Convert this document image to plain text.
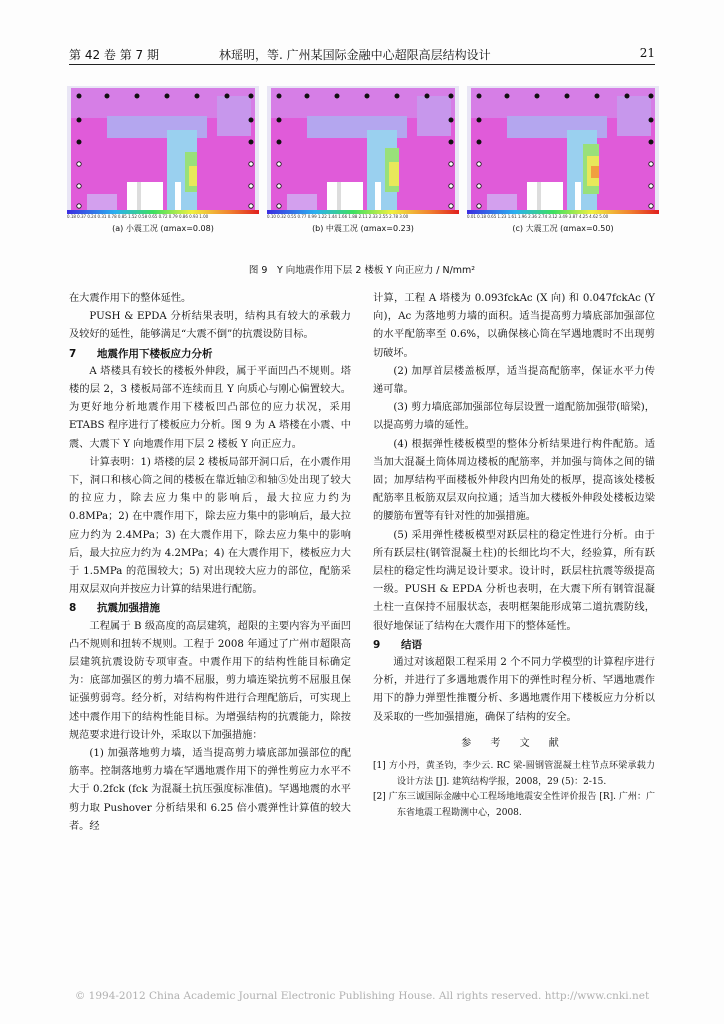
第 42 卷 第 7 期	林瑶明，等. 广州某国际金融中心超限高层结构设计	21
0.18 0.37 0.24 0.31 0.78 0.85 1.52 0.58 0.65 0.72 0.79 0.86 0.93 1.00
(a) 小震工况 (αmax=0.08)
0.10 0.32 0.55 0.77 0.99 1.22 1.44 1.66 1.88 2.11 2.33 2.55 2.78 3.00
(b) 中震工况 (αmax=0.23)
0.01 0.18 0.65 1.23 1.61 1.96 2.36 2.74 3.12 3.49 3.87 4.25 4.62 5.00
(c) 大震工况 (αmax=0.50)
图 9　Y 向地震作用下层 2 楼板 Y 向正应力 / N/mm²

在大震作用下的整体延性。

PUSH & EPDA 分析结果表明，结构具有较大的承载力及较好的延性，能够满足“大震不倒”的抗震设防目标。

7 地震作用下楼板应力分析

A 塔楼具有较长的楼板外伸段，属于平面凹凸不规则。塔楼的层 2，3 楼板局部不连续而且 Y 向质心与刚心偏置较大。为更好地分析地震作用下楼板凹凸部位的应力状况，采用 ETABS 程序进行了楼板应力分析。图 9 为 A 塔楼在小震、中震、大震下 Y 向地震作用下层 2 楼板 Y 向正应力。

计算表明：1) 塔楼的层 2 楼板局部开洞口后，在小震作用下，洞口和核心筒之间的楼板在靠近轴②和轴⑤处出现了较大的拉应力，除去应力集中的影响后，最大拉应力约为 0.8MPa；2) 在中震作用下，除去应力集中的影响后，最大拉应力约为 2.4MPa；3) 在大震作用下，除去应力集中的影响后，最大拉应力约为 4.2MPa；4) 在大震作用下，楼板应力大于 1.5MPa 的范围较大；5) 对出现较大应力的部位，配筋采用双层双向并按应力计算的结果进行配筋。

8 抗震加强措施

工程属于 B 级高度的高层建筑，超限的主要内容为平面凹凸不规则和扭转不规则。工程于 2008 年通过了广州市超限高层建筑抗震设防专项审查。中震作用下的结构性能目标确定为：底部加强区的剪力墙不屈服，剪力墙连梁抗剪不屈服且保证强剪弱弯。经分析，对结构构件进行合理配筋后，可实现上述中震作用下的结构性能目标。为增强结构的抗震能力，除按规范要求进行设计外，采取以下加强措施：

(1) 加强落地剪力墙，适当提高剪力墙底部加强部位的配筋率。控制落地剪力墙在罕遇地震作用下的弹性剪应力水平不大于 0.2fck (fck 为混凝土抗压强度标准值)。罕遇地震的水平剪力取 Pushover 分析结果和 6.25 倍小震弹性计算值的较大者。经

计算，工程 A 塔楼为 0.093fckAc (X 向) 和 0.047fckAc (Y 向)，Ac 为落地剪力墙的面积。适当提高剪力墙底部加强部位的水平配筋率至 0.6%，以确保核心筒在罕遇地震时不出现剪切破坏。

(2) 加厚首层楼盖板厚，适当提高配筋率，保证水平力传递可靠。

(3) 剪力墙底部加强部位每层设置一道配筋加强带(暗梁)，以提高剪力墙的延性。

(4) 根据弹性楼板模型的整体分析结果进行构件配筋。适当加大混凝土筒体周边楼板的配筋率，并加强与筒体之间的锚固；加厚结构平面楼板外伸段内凹角处的板厚，提高该处楼板配筋率且板筋双层双向拉通；适当加大楼板外伸段处楼板边梁的腰筋布置等有针对性的加强措施。

(5) 采用弹性楼板模型对跃层柱的稳定性进行分析。由于所有跃层柱(钢管混凝土柱)的长细比均不大，经验算，所有跃层柱的稳定性均满足设计要求。设计时，跃层柱抗震等级提高一级。PUSH & EPDA 分析也表明，在大震下所有钢管混凝土柱一直保持不屈服状态，表明框架能形成第二道抗震防线，很好地保证了结构在大震作用下的整体延性。

9 结语

通过对该超限工程采用 2 个不同力学模型的计算程序进行分析，并进行了多遇地震作用下的弹性时程分析、罕遇地震作用下的静力弹塑性推覆分析、多遇地震作用下楼板应力分析以及采取的一些加强措施，确保了结构的安全。

参 考 文 献
[1] 方小丹，黄圣钧，李少云. RC 梁-圆钢管混凝土柱节点环梁承载力设计方法 [J]. 建筑结构学报，2008，29 (5)：2-15.
[2] 广东三诚国际金融中心工程场地地震安全性评价报告 [R]. 广州：广东省地震工程勘测中心，2008.
© 1994-2012 China Academic Journal Electronic Publishing House. All rights reserved. http://www.cnki.net
